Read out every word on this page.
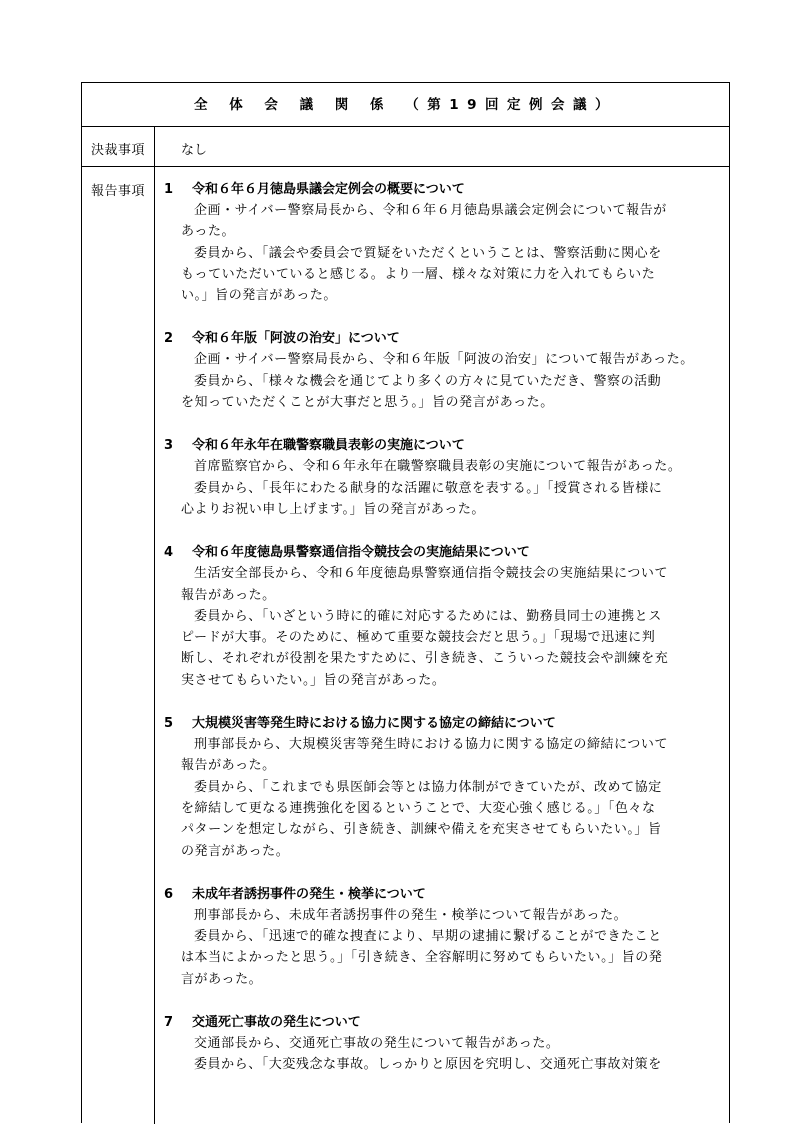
全 体 会 議 関 係 （第19回定例会議）
決裁事項	なし
報告事項	1 令和６年６月徳島県議会定例会の概要について
企画・サイバー警察局長から、令和６年６月徳島県議会定例会について報告が
あった。
委員から、「議会や委員会で質疑をいただくということは、警察活動に関心を
もっていただいていると感じる。より一層、様々な対策に力を入れてもらいた
い。」旨の発言があった。
2 令和６年版「阿波の治安」について
企画・サイバー警察局長から、令和６年版「阿波の治安」について報告があった。
委員から、「様々な機会を通じてより多くの方々に見ていただき、警察の活動
を知っていただくことが大事だと思う。」旨の発言があった。
3 令和６年永年在職警察職員表彰の実施について
首席監察官から、令和６年永年在職警察職員表彰の実施について報告があった。
委員から、「長年にわたる献身的な活躍に敬意を表する。」「授賞される皆様に
心よりお祝い申し上げます。」旨の発言があった。
4 令和６年度徳島県警察通信指令競技会の実施結果について
生活安全部長から、令和６年度徳島県警察通信指令競技会の実施結果について
報告があった。
委員から、「いざという時に的確に対応するためには、勤務員同士の連携とス
ピードが大事。そのために、極めて重要な競技会だと思う。」「現場で迅速に判
断し、それぞれが役割を果たすために、引き続き、こういった競技会や訓練を充
実させてもらいたい。」旨の発言があった。
5 大規模災害等発生時における協力に関する協定の締結について
刑事部長から、大規模災害等発生時における協力に関する協定の締結について
報告があった。
委員から、「これまでも県医師会等とは協力体制ができていたが、改めて協定
を締結して更なる連携強化を図るということで、大変心強く感じる。」「色々な
パターンを想定しながら、引き続き、訓練や備えを充実させてもらいたい。」旨
の発言があった。
6 未成年者誘拐事件の発生・検挙について
刑事部長から、未成年者誘拐事件の発生・検挙について報告があった。
委員から、「迅速で的確な捜査により、早期の逮捕に繋げることができたこと
は本当によかったと思う。」「引き続き、全容解明に努めてもらいたい。」旨の発
言があった。
7 交通死亡事故の発生について
交通部長から、交通死亡事故の発生について報告があった。
委員から、「大変残念な事故。しっかりと原因を究明し、交通死亡事故対策を
